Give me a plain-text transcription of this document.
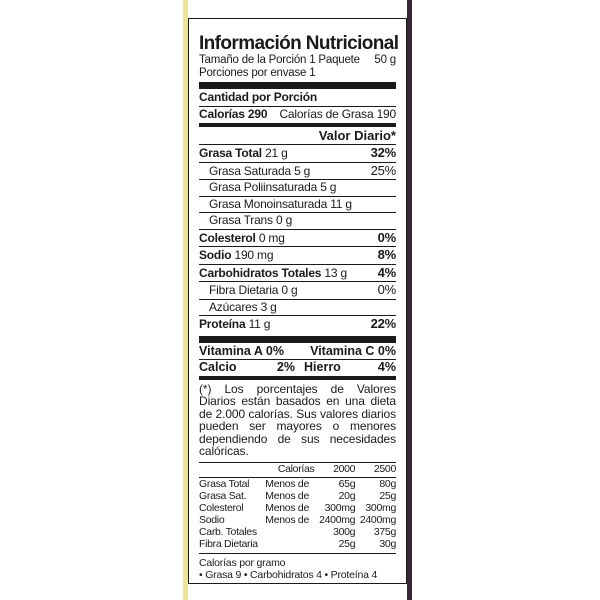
Información Nutricional
Tamaño de la Porción 1 Paquete 50 g
Porciones por envase 1
Cantidad por Porción
Calorías 290 Calorías de Grasa 190
Valor Diario*
Grasa Total 21 g	32%
Grasa Saturada 5 g	25%
Grasa Poliinsaturada 5 g
Grasa Monoinsaturada 11 g
Grasa Trans 0 g
Colesterol 0 mg	0%
Sodio 190 mg	8%
Carbohidratos Totales 13 g 4%
Fibra Dietaria 0 g	0%
Azúcares 3 g
Proteína 11 g	22%
Vitamina A 0% Vitamina C 0%
Calcio	2% Hierro	4%
(*) Los porcentajes de Valores Diarios están basados en una dieta de 2.000 calorías. Sus valores diarios pueden ser mayores o menores dependiendo de sus necesidades calóricas.
	Calorías	2000	2500

Grasa Total	Menos de	65g	80g
Grasa Sat.	Menos de	20g	25g
Colesterol	Menos de	300mg	300mg
Sodio	Menos de	2400mg	2400mg
Carb. Totales		300g	375g
Fibra Dietaria		25g	30g
Calorías por gramo
• Grasa 9 • Carbohidratos 4 • Proteína 4
